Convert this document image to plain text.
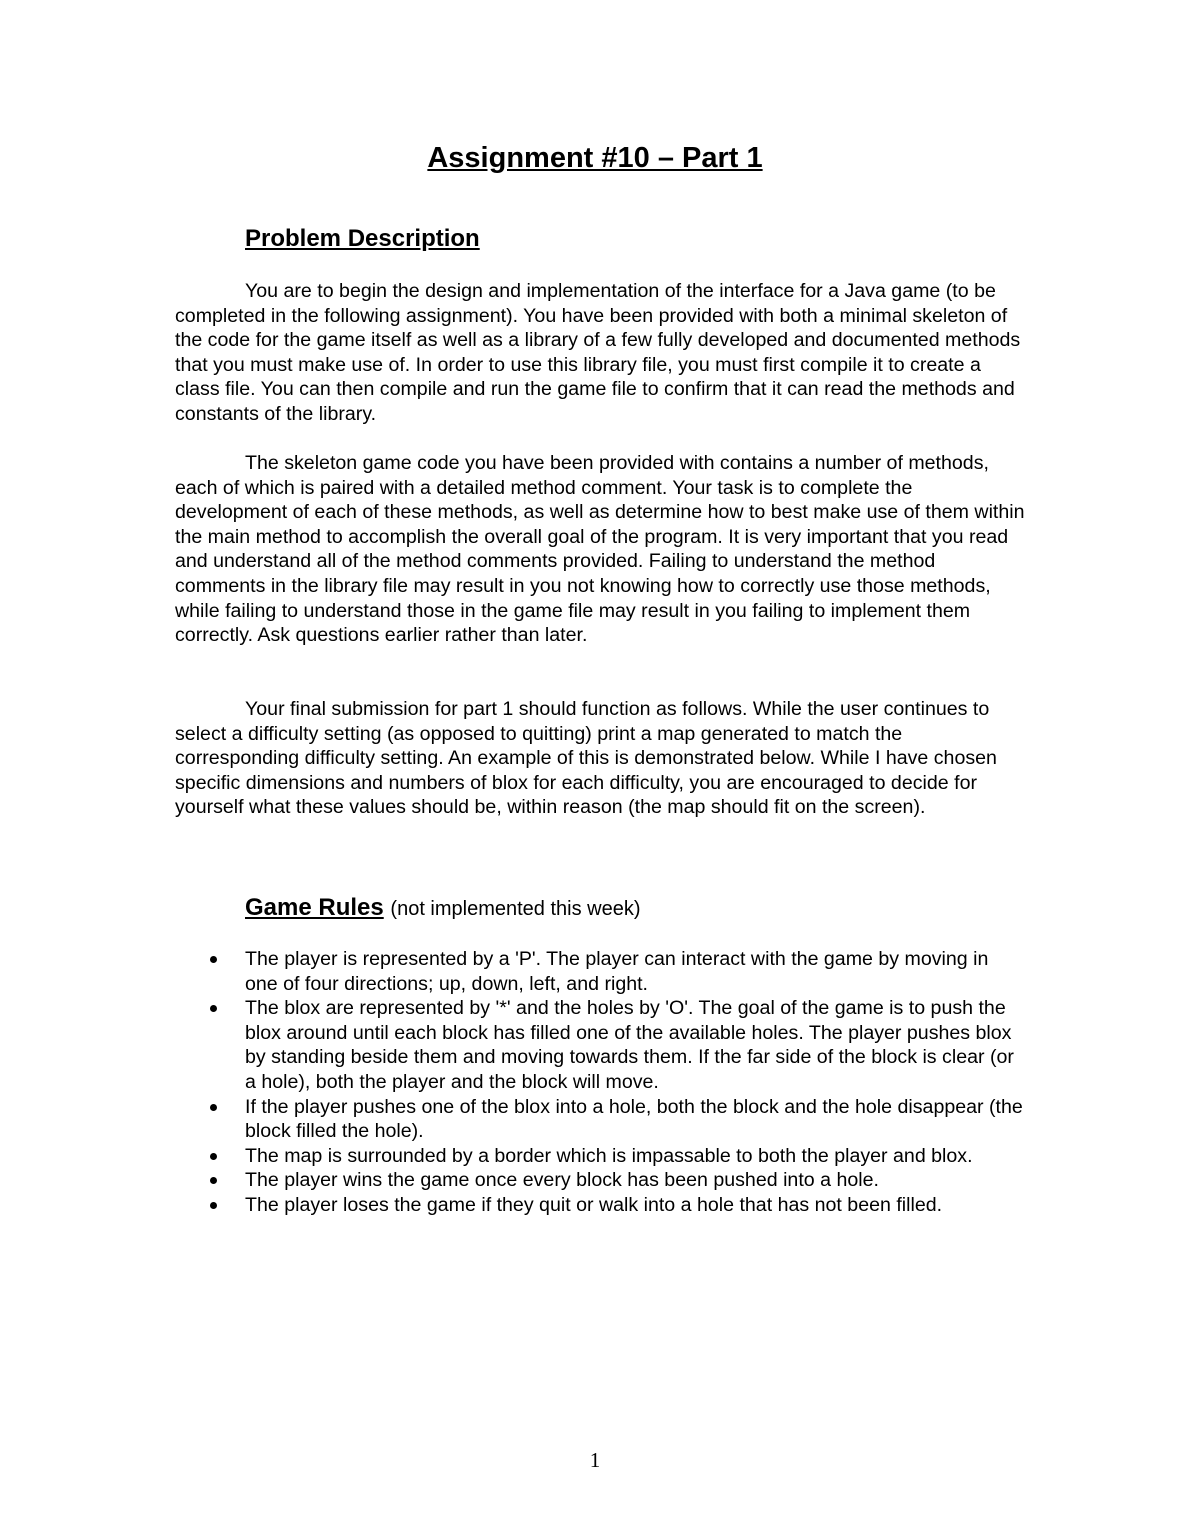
Assignment #10 – Part 1
Problem Description

You are to begin the design and implementation of the interface for a Java game (to be completed in the following assignment). You have been provided with both a minimal skeleton of the code for the game itself as well as a library of a few fully developed and documented methods that you must make use of. In order to use this library file, you must first compile it to create a class file. You can then compile and run the game file to confirm that it can read the methods and constants of the library.

The skeleton game code you have been provided with contains a number of methods, each of which is paired with a detailed method comment. Your task is to complete the development of each of these methods, as well as determine how to best make use of them within the main method to accomplish the overall goal of the program. It is very important that you read and understand all of the method comments provided. Failing to understand the method comments in the library file may result in you not knowing how to correctly use those methods, while failing to understand those in the game file may result in you failing to implement them correctly. Ask questions earlier rather than later.

Your final submission for part 1 should function as follows. While the user continues to select a difficulty setting (as opposed to quitting) print a map generated to match the corresponding difficulty setting. An example of this is demonstrated below. While I have chosen specific dimensions and numbers of blox for each difficulty, you are encouraged to decide for yourself what these values should be, within reason (the map should fit on the screen).

Game Rules (not implemented this week)
The player is represented by a 'P'. The player can interact with the game by moving in one of four directions; up, down, left, and right.
The blox are represented by '*' and the holes by 'O'. The goal of the game is to push the blox around until each block has filled one of the available holes. The player pushes blox by standing beside them and moving towards them. If the far side of the block is clear (or a hole), both the player and the block will move.
If the player pushes one of the blox into a hole, both the block and the hole disappear (the block filled the hole).
The map is surrounded by a border which is impassable to both the player and blox.
The player wins the game once every block has been pushed into a hole.
The player loses the game if they quit or walk into a hole that has not been filled.
1
